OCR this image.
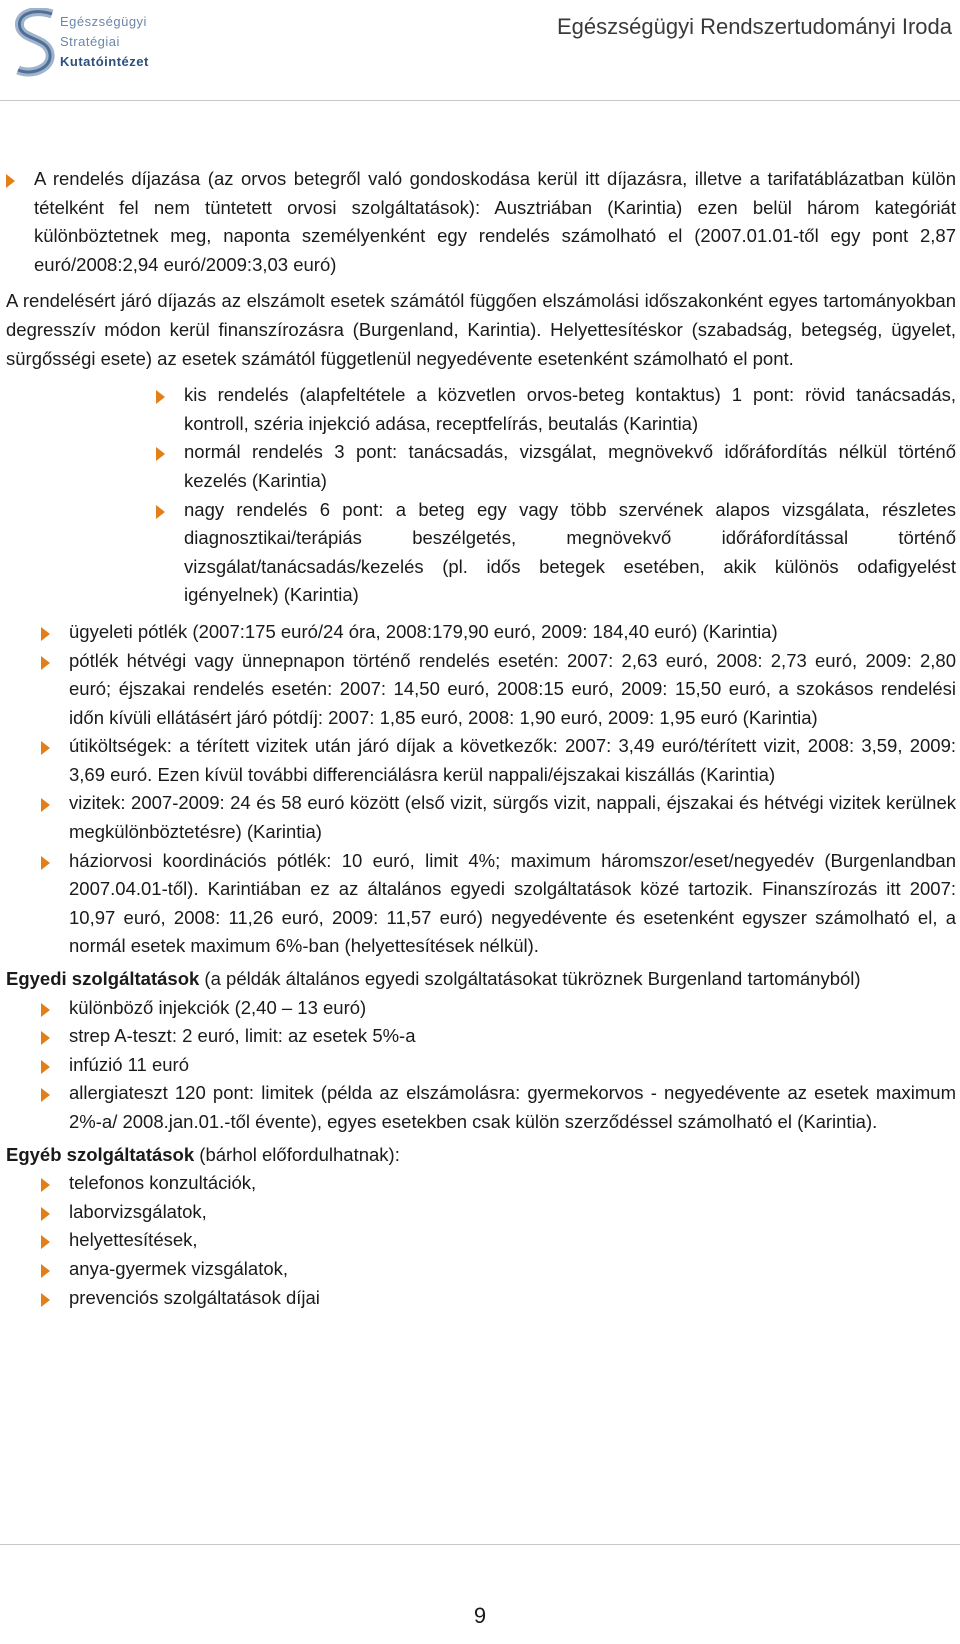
Egészségügyi
Stratégiai
Kutatóintézet
Egészségügyi Rendszertudományi Iroda

A rendelés díjazása (az orvos betegről való gondoskodása kerül itt díjazásra, illetve a tarifatáblázatban külön tételként fel nem tüntetett orvosi szolgáltatások): Ausztriában (Karintia) ezen belül három kategóriát különböztetnek meg, naponta személyenként egy rendelés számolható el (2007.01.01-től egy pont 2,87 euró/2008:2,94 euró/2009:3,03 euró)

A rendelésért járó díjazás az elszámolt esetek számától függően elszámolási időszakonként egyes tartományokban degresszív módon kerül finanszírozásra (Burgenland, Karintia). Helyettesítéskor (szabadság, betegség, ügyelet, sürgősségi esete) az esetek számától függetlenül negyedévente esetenként számolható el pont.

kis rendelés (alapfeltétele a közvetlen orvos-beteg kontaktus) 1 pont: rövid tanácsadás, kontroll, széria injekció adása, receptfelírás, beutalás (Karintia)

normál rendelés 3 pont: tanácsadás, vizsgálat, megnövekvő időráfordítás nélkül történő kezelés (Karintia)

nagy rendelés 6 pont: a beteg egy vagy több szervének alapos vizsgálata, részletes diagnosztikai/terápiás beszélgetés, megnövekvő időráfordítással történő vizsgálat/tanácsadás/kezelés (pl. idős betegek esetében, akik különös odafigyelést igényelnek) (Karintia)

ügyeleti pótlék (2007:175 euró/24 óra, 2008:179,90 euró, 2009: 184,40 euró) (Karintia)

pótlék hétvégi vagy ünnepnapon történő rendelés esetén: 2007: 2,63 euró, 2008: 2,73 euró, 2009: 2,80 euró; éjszakai rendelés esetén: 2007: 14,50 euró, 2008:15 euró, 2009: 15,50 euró, a szokásos rendelési időn kívüli ellátásért járó pótdíj: 2007: 1,85 euró, 2008: 1,90 euró, 2009: 1,95 euró (Karintia)

útiköltségek: a térített vizitek után járó díjak a következők: 2007: 3,49 euró/térített vizit, 2008: 3,59, 2009: 3,69 euró. Ezen kívül további differenciálásra kerül nappali/éjszakai kiszállás (Karintia)

vizitek: 2007-2009: 24 és 58 euró között (első vizit, sürgős vizit, nappali, éjszakai és hétvégi vizitek kerülnek megkülönböztetésre) (Karintia)

háziorvosi koordinációs pótlék: 10 euró, limit 4%; maximum háromszor/eset/negyedév (Burgenlandban 2007.04.01-től). Karintiában ez az általános egyedi szolgáltatások közé tartozik. Finanszírozás itt 2007: 10,97 euró, 2008: 11,26 euró, 2009: 11,57 euró) negyedévente és esetenként egyszer számolható el, a normál esetek maximum 6%-ban (helyettesítések nélkül).

Egyedi szolgáltatások (a példák általános egyedi szolgáltatásokat tükröznek Burgenland tartományból)

különböző injekciók (2,40 – 13 euró)

strep A-teszt: 2 euró, limit: az esetek 5%-a

infúzió 11 euró

allergiateszt 120 pont: limitek (példa az elszámolásra: gyermekorvos - negyedévente az esetek maximum 2%-a/ 2008.jan.01.-től évente), egyes esetekben csak külön szerződéssel számolható el (Karintia).

Egyéb szolgáltatások (bárhol előfordulhatnak):

telefonos konzultációk,

laborvizsgálatok,

helyettesítések,

anya-gyermek vizsgálatok,

prevenciós szolgáltatások díjai

9
